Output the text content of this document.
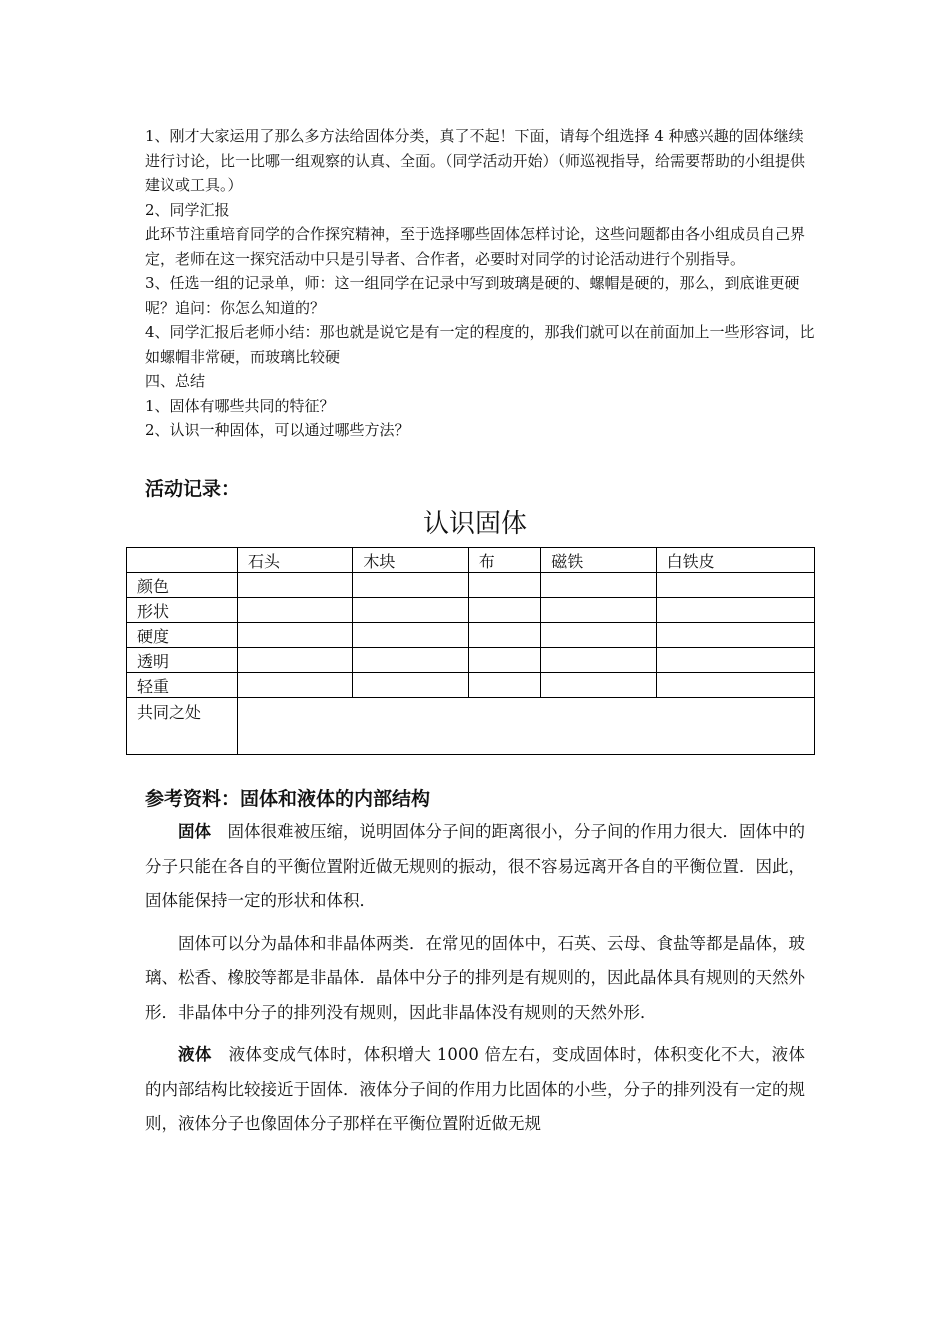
1、刚才大家运用了那么多方法给固体分类，真了不起！下面，请每个组选择 4 种感兴趣的固体继续进行讨论，比一比哪一组观察的认真、全面。（同学活动开始）（师巡视指导，给需要帮助的小组提供建议或工具。）

2、同学汇报

此环节注重培育同学的合作探究精神，至于选择哪些固体怎样讨论，这些问题都由各小组成员自己界定，老师在这一探究活动中只是引导者、合作者，必要时对同学的讨论活动进行个别指导。

3、任选一组的记录单，师：这一组同学在记录中写到玻璃是硬的、螺帽是硬的，那么，到底谁更硬呢？追问：你怎么知道的？

4、同学汇报后老师小结：那也就是说它是有一定的程度的，那我们就可以在前面加上一些形容词，比如螺帽非常硬，而玻璃比较硬

四、总结

1、固体有哪些共同的特征？

2、认识一种固体，可以通过哪些方法？

活动记录：
认识固体
	石头	木块	布	磁铁	白铁皮
颜色					
形状					
硬度					
透明					
轻重					
共同之处					
参考资料：固体和液体的内部结构

固体  固体很难被压缩，说明固体分子间的距离很小，分子间的作用力很大．固体中的分子只能在各自的平衡位置附近做无规则的振动，很不容易远离开各自的平衡位置．因此，固体能保持一定的形状和体积．

固体可以分为晶体和非晶体两类．在常见的固体中，石英、云母、食盐等都是晶体，玻璃、松香、橡胶等都是非晶体．晶体中分子的排列是有规则的，因此晶体具有规则的天然外形．非晶体中分子的排列没有规则，因此非晶体没有规则的天然外形．

液体  液体变成气体时，体积增大 1000 倍左右，变成固体时，体积变化不大，液体的内部结构比较接近于固体．液体分子间的作用力比固体的小些，分子的排列没有一定的规则，液体分子也像固体分子那样在平衡位置附近做无规
